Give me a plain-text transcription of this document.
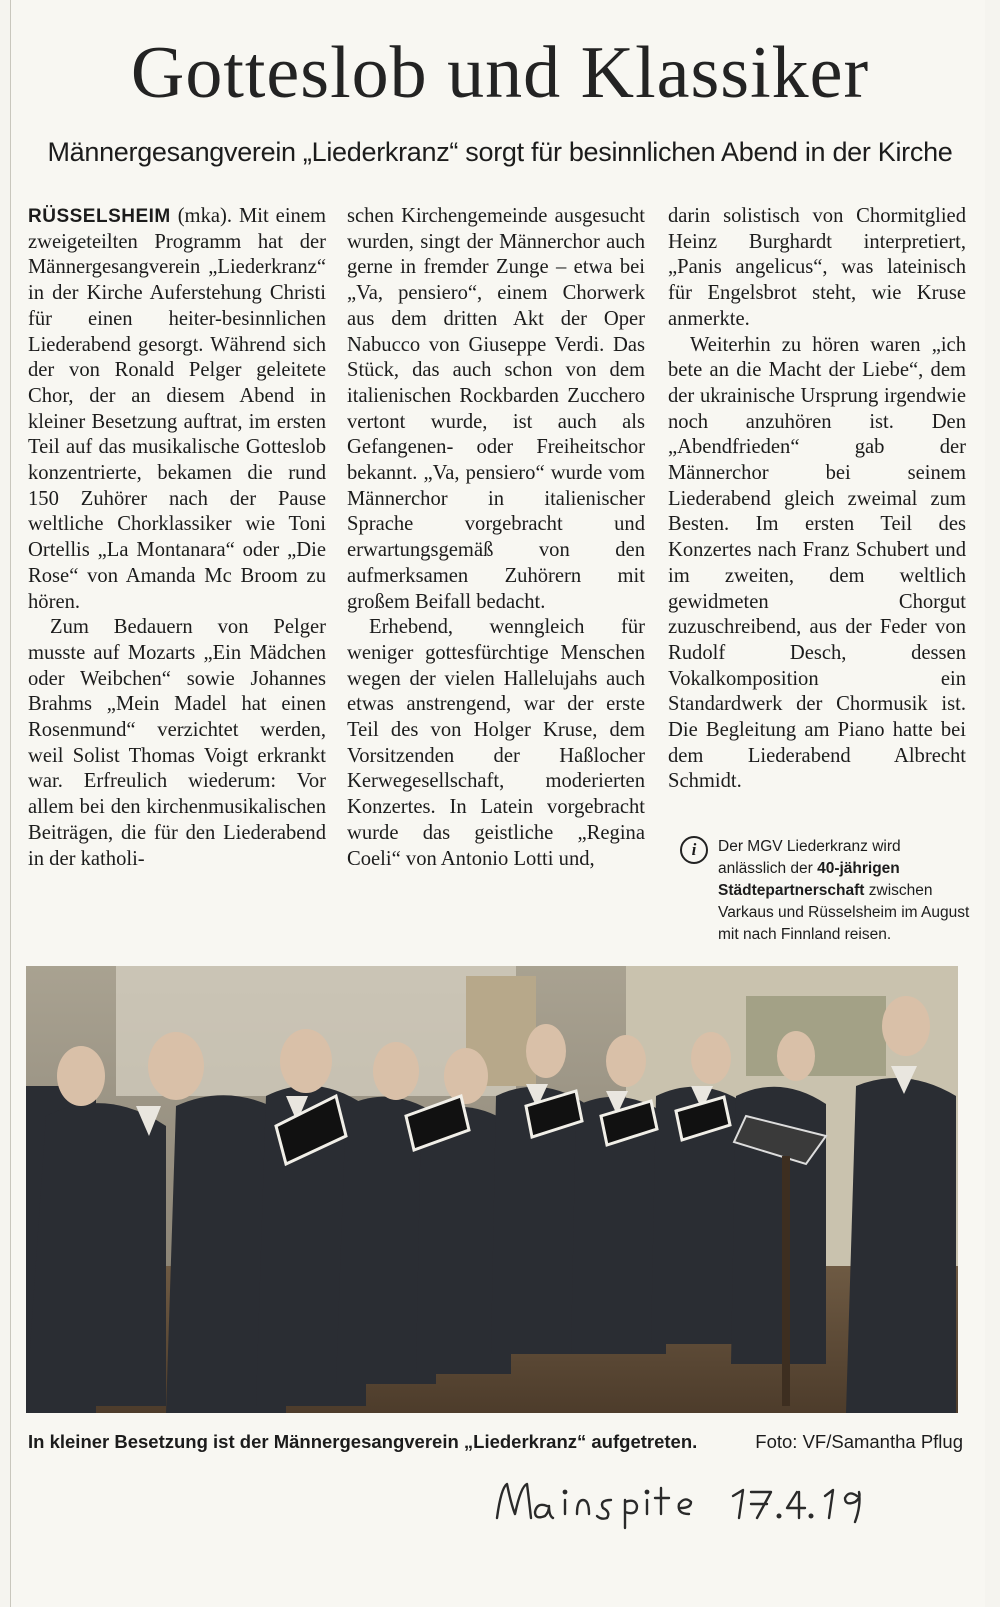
Gotteslob und Klassiker
Männergesangverein „Liederkranz“ sorgt für besinnlichen Abend in der Kirche

RÜSSELSHEIM (mka). Mit einem zweigeteilten Programm hat der Männergesangverein „Liederkranz“ in der Kirche Auferstehung Christi für einen heiter-besinnlichen Liederabend gesorgt. Während sich der von Ronald Pelger geleitete Chor, der an diesem Abend in kleiner Besetzung auftrat, im ersten Teil auf das musikalische Gotteslob konzentrierte, bekamen die rund 150 Zuhörer nach der Pause weltliche Chorklassiker wie Toni Ortellis „La Montanara“ oder „Die Rose“ von Amanda Mc Broom zu hören.

Zum Bedauern von Pelger musste auf Mozarts „Ein Mädchen oder Weibchen“ sowie Johannes Brahms „Mein Madel hat einen Rosenmund“ verzichtet werden, weil Solist Thomas Voigt erkrankt war. Erfreulich wiederum: Vor allem bei den kirchenmusikalischen Beiträgen, die für den Liederabend in der katholi-

schen Kirchengemeinde ausgesucht wurden, singt der Männerchor auch gerne in fremder Zunge – etwa bei „Va, pensiero“, einem Chorwerk aus dem dritten Akt der Oper Nabucco von Giuseppe Verdi. Das Stück, das auch schon von dem italienischen Rockbarden Zucchero vertont wurde, ist auch als Gefangenen- oder Freiheitschor bekannt. „Va, pensiero“ wurde vom Männerchor in italienischer Sprache vorgebracht und erwartungsgemäß von den aufmerksamen Zuhörern mit großem Beifall bedacht.

Erhebend, wenngleich für weniger gottesfürchtige Menschen wegen der vielen Hallelujahs auch etwas anstrengend, war der erste Teil des von Holger Kruse, dem Vorsitzenden der Haßlocher Kerwegesellschaft, moderierten Konzertes. In Latein vorgebracht wurde das geistliche „Regina Coeli“ von Antonio Lotti und,

darin solistisch von Chormitglied Heinz Burghardt interpretiert, „Panis angelicus“, was lateinisch für Engelsbrot steht, wie Kruse anmerkte.

Weiterhin zu hören waren „ich bete an die Macht der Liebe“, dem der ukrainische Ursprung irgendwie noch anzuhören ist. Den „Abendfrieden“ gab der Männerchor bei seinem Liederabend gleich zweimal zum Besten. Im ersten Teil des Konzertes nach Franz Schubert und im zweiten, dem weltlich gewidmeten Chorgut zuzuschreibend, aus der Feder von Rudolf Desch, dessen Vokalkomposition ein Standardwerk der Chormusik ist. Die Begleitung am Piano hatte bei dem Liederabend Albrecht Schmidt.

i	Der MGV Liederkranz wird anlässlich der 40-jährigen Städtepartnerschaft zwischen Varkaus und Rüsselsheim im August mit nach Finnland reisen.
In kleiner Besetzung ist der Männergesangverein „Liederkranz“ aufgetreten.	Foto: VF/Samantha Pflug
Mainspitze 17.4.19
